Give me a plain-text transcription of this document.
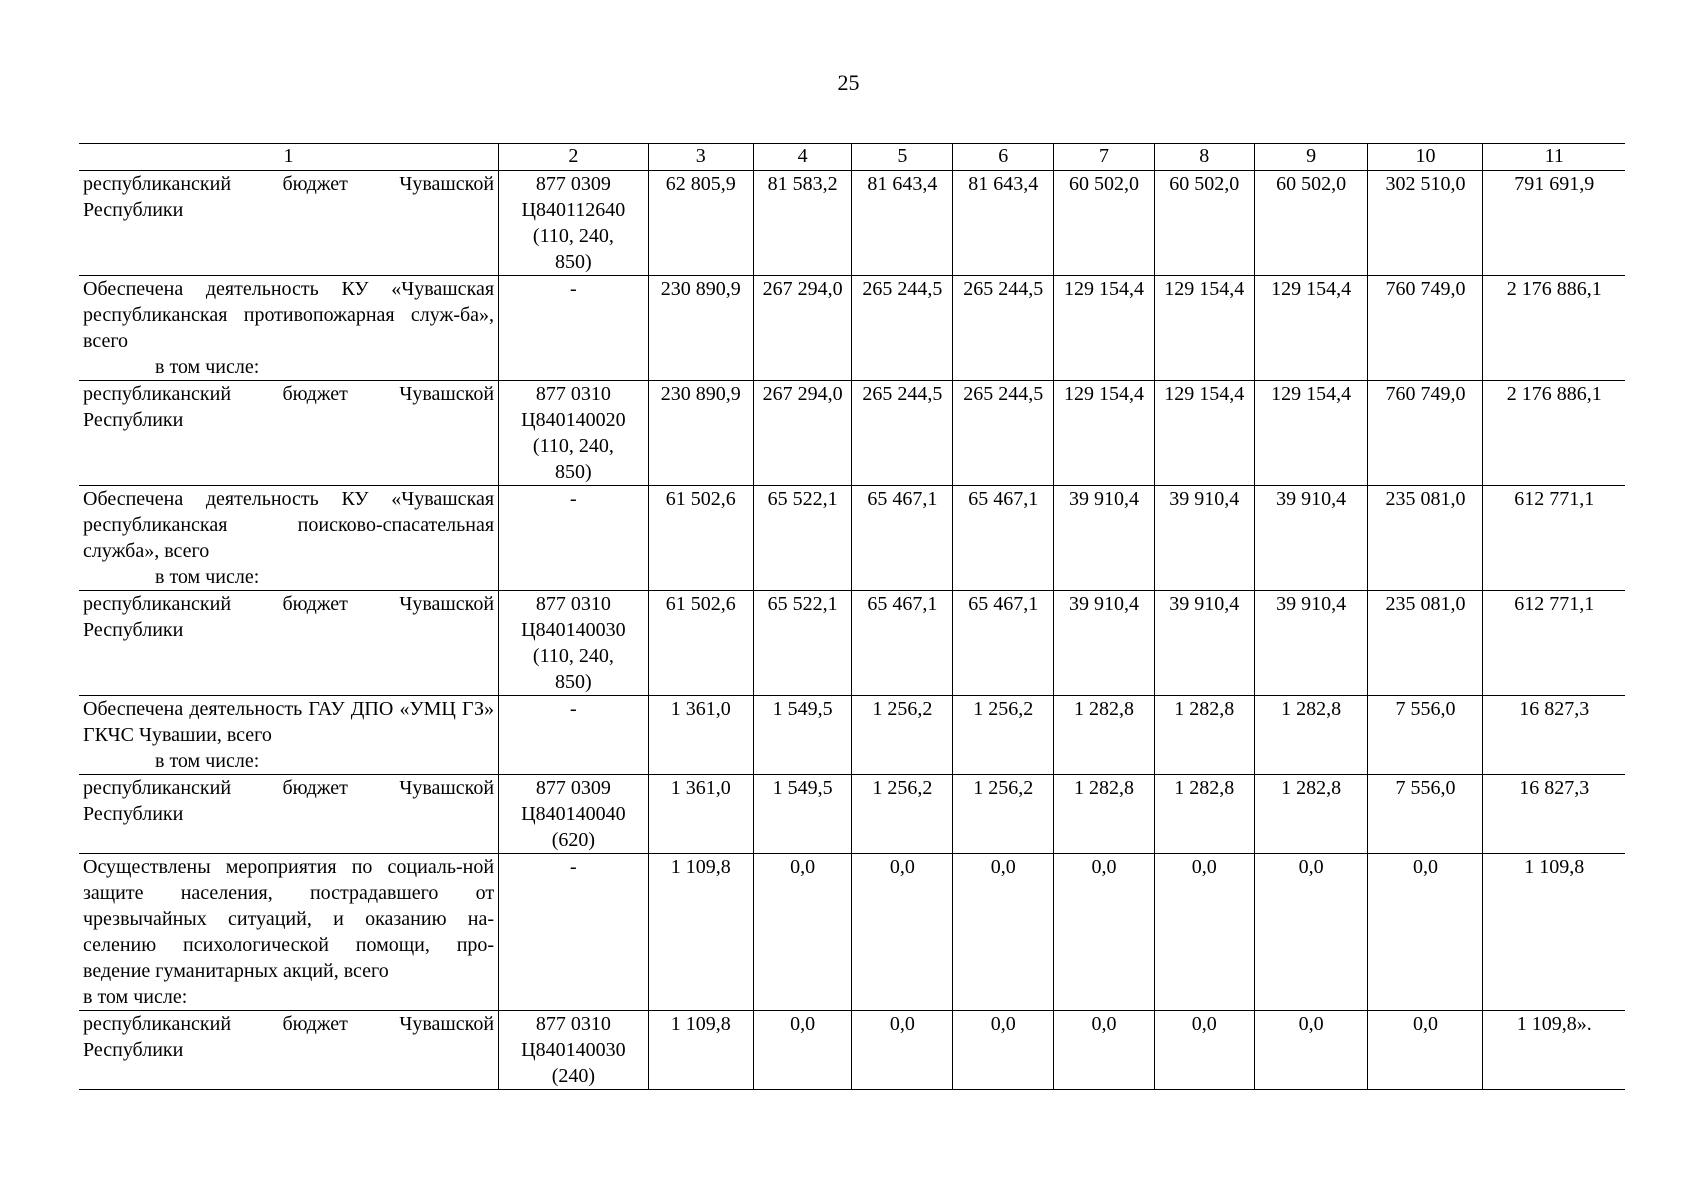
25
1	2	3	4	5	6	7	8	9	10	11

республиканский бюджет Чувашской Республики	877 0309
Ц840112640
(110, 240,
850)	62 805,9	81 583,2	81 643,4	81 643,4	60 502,0	60 502,0	60 502,0	302 510,0	791 691,9

Обеспечена деятельность КУ «Чувашская республиканская противопожарная служ-ба», всего
в том числе:	-	230 890,9	267 294,0	265 244,5	265 244,5	129 154,4	129 154,4	129 154,4	760 749,0	2 176 886,1

республиканский бюджет Чувашской Республики	877 0310
Ц840140020
(110, 240,
850)	230 890,9	267 294,0	265 244,5	265 244,5	129 154,4	129 154,4	129 154,4	760 749,0	2 176 886,1

Обеспечена деятельность КУ «Чувашская республиканская поисково-спасательная служба», всего
в том числе:	-	61 502,6	65 522,1	65 467,1	65 467,1	39 910,4	39 910,4	39 910,4	235 081,0	612 771,1

республиканский бюджет Чувашской Республики	877 0310
Ц840140030
(110, 240,
850)	61 502,6	65 522,1	65 467,1	65 467,1	39 910,4	39 910,4	39 910,4	235 081,0	612 771,1

Обеспечена деятельность ГАУ ДПО «УМЦ ГЗ» ГКЧС Чувашии, всего
в том числе:	-	1 361,0	1 549,5	1 256,2	1 256,2	1 282,8	1 282,8	1 282,8	7 556,0	16 827,3

республиканский бюджет Чувашской Республики	877 0309
Ц840140040
(620)	1 361,0	1 549,5	1 256,2	1 256,2	1 282,8	1 282,8	1 282,8	7 556,0	16 827,3

Осуществлены мероприятия по социаль-ной защите населения, пострадавшего от чрезвычайных ситуаций, и оказанию на-селению психологической помощи, про-ведение гуманитарных акций, всего
в том числе:	-	1 109,8	0,0	0,0	0,0	0,0	0,0	0,0	0,0	1 109,8

республиканский бюджет Чувашской Республики	877 0310
Ц840140030
(240)	1 109,8	0,0	0,0	0,0	0,0	0,0	0,0	0,0	1 109,8».
